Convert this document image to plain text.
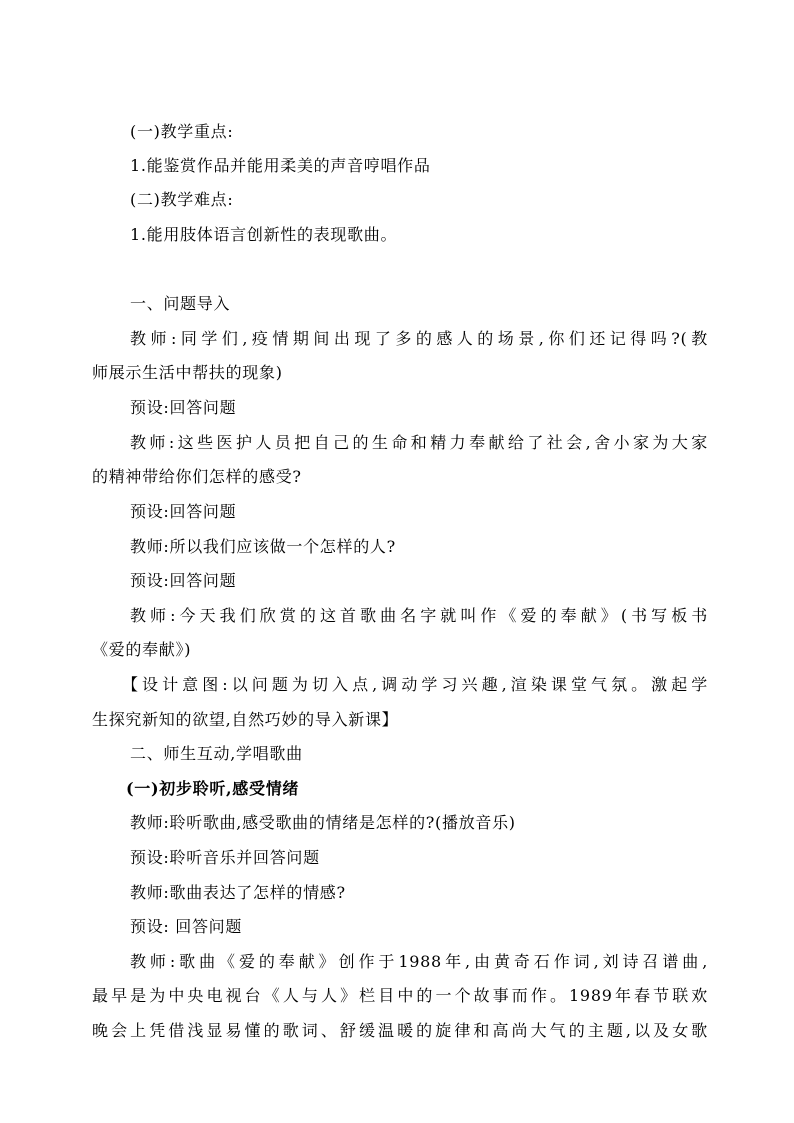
(一)教学重点:
1.能鉴赏作品并能用柔美的声音哼唱作品
(二)教学难点:
1.能用肢体语言创新性的表现歌曲。
一、问题导入
教师:同学们,疫情期间出现了多的感人的场景,你们还记得吗?(教
师展示生活中帮扶的现象)
预设:回答问题
教师:这些医护人员把自己的生命和精力奉献给了社会,舍小家为大家
的精神带给你们怎样的感受?
预设:回答问题
教师:所以我们应该做一个怎样的人?
预设:回答问题
教师:今天我们欣赏的这首歌曲名字就叫作《爱的奉献》(书写板书
《爱的奉献》)
【设计意图:以问题为切入点,调动学习兴趣,渲染课堂气氛。激起学
生探究新知的欲望,自然巧妙的导入新课】
二、师生互动,学唱歌曲
(一)初步聆听,感受情绪
教师:聆听歌曲,感受歌曲的情绪是怎样的?(播放音乐)
预设:聆听音乐并回答问题
教师:歌曲表达了怎样的情感?
预设: 回答问题
教师:歌曲《爱的奉献》创作于1988年,由黄奇石作词,刘诗召谱曲,
最早是为中央电视台《人与人》栏目中的一个故事而作。1989年春节联欢
晚会上凭借浅显易懂的歌词、舒缓温暖的旋律和高尚大气的主题,以及女歌
